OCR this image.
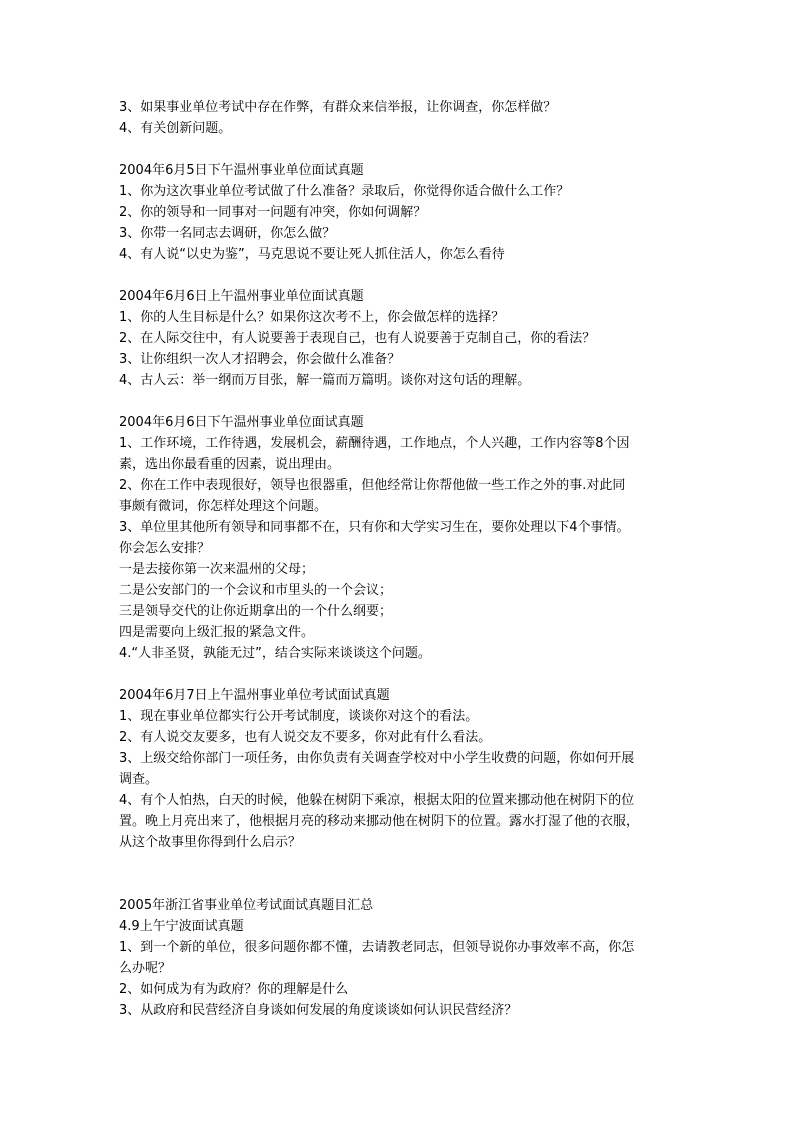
3、如果事业单位考试中存在作弊，有群众来信举报，让你调查，你怎样做？
4、有关创新问题。
2004年6月5日下午温州事业单位面试真题
1、你为这次事业单位考试做了什么准备？录取后，你觉得你适合做什么工作？
2、你的领导和一同事对一问题有冲突，你如何调解？
3、你带一名同志去调研，你怎么做？
4、有人说“以史为鉴”，马克思说不要让死人抓住活人，你怎么看待
2004年6月6日上午温州事业单位面试真题
1、你的人生目标是什么？如果你这次考不上，你会做怎样的选择？
2、在人际交往中，有人说要善于表现自己，也有人说要善于克制自己，你的看法？
3、让你组织一次人才招聘会，你会做什么准备？
4、古人云：举一纲而万目张，解一篇而万篇明。谈你对这句话的理解。
2004年6月6日下午温州事业单位面试真题
1、工作环境，工作待遇，发展机会，薪酬待遇，工作地点，个人兴趣，工作内容等8个因
素，选出你最看重的因素，说出理由。
2、你在工作中表现很好，领导也很器重，但他经常让你帮他做一些工作之外的事.对此同
事颇有微词，你怎样处理这个问题。
3、单位里其他所有领导和同事都不在，只有你和大学实习生在，要你处理以下4个事情。
你会怎么安排？
一是去接你第一次来温州的父母；
二是公安部门的一个会议和市里头的一个会议；
三是领导交代的让你近期拿出的一个什么纲要；
四是需要向上级汇报的紧急文件。
4.“人非圣贤，孰能无过”，结合实际来谈谈这个问题。
2004年6月7日上午温州事业单位考试面试真题
1、现在事业单位都实行公开考试制度，谈谈你对这个的看法。
2、有人说交友要多，也有人说交友不要多，你对此有什么看法。
3、上级交给你部门一项任务，由你负责有关调查学校对中小学生收费的问题，你如何开展
调查。
4、有个人怕热，白天的时候，他躲在树阴下乘凉，根据太阳的位置来挪动他在树阴下的位
置。晚上月亮出来了，他根据月亮的移动来挪动他在树阴下的位置。露水打湿了他的衣服，
从这个故事里你得到什么启示？
2005年浙江省事业单位考试面试真题目汇总
4.9上午宁波面试真题
1、到一个新的单位，很多问题你都不懂，去请教老同志，但领导说你办事效率不高，你怎
么办呢？
2、如何成为有为政府？你的理解是什么
3、从政府和民营经济自身谈如何发展的角度谈谈如何认识民营经济？
